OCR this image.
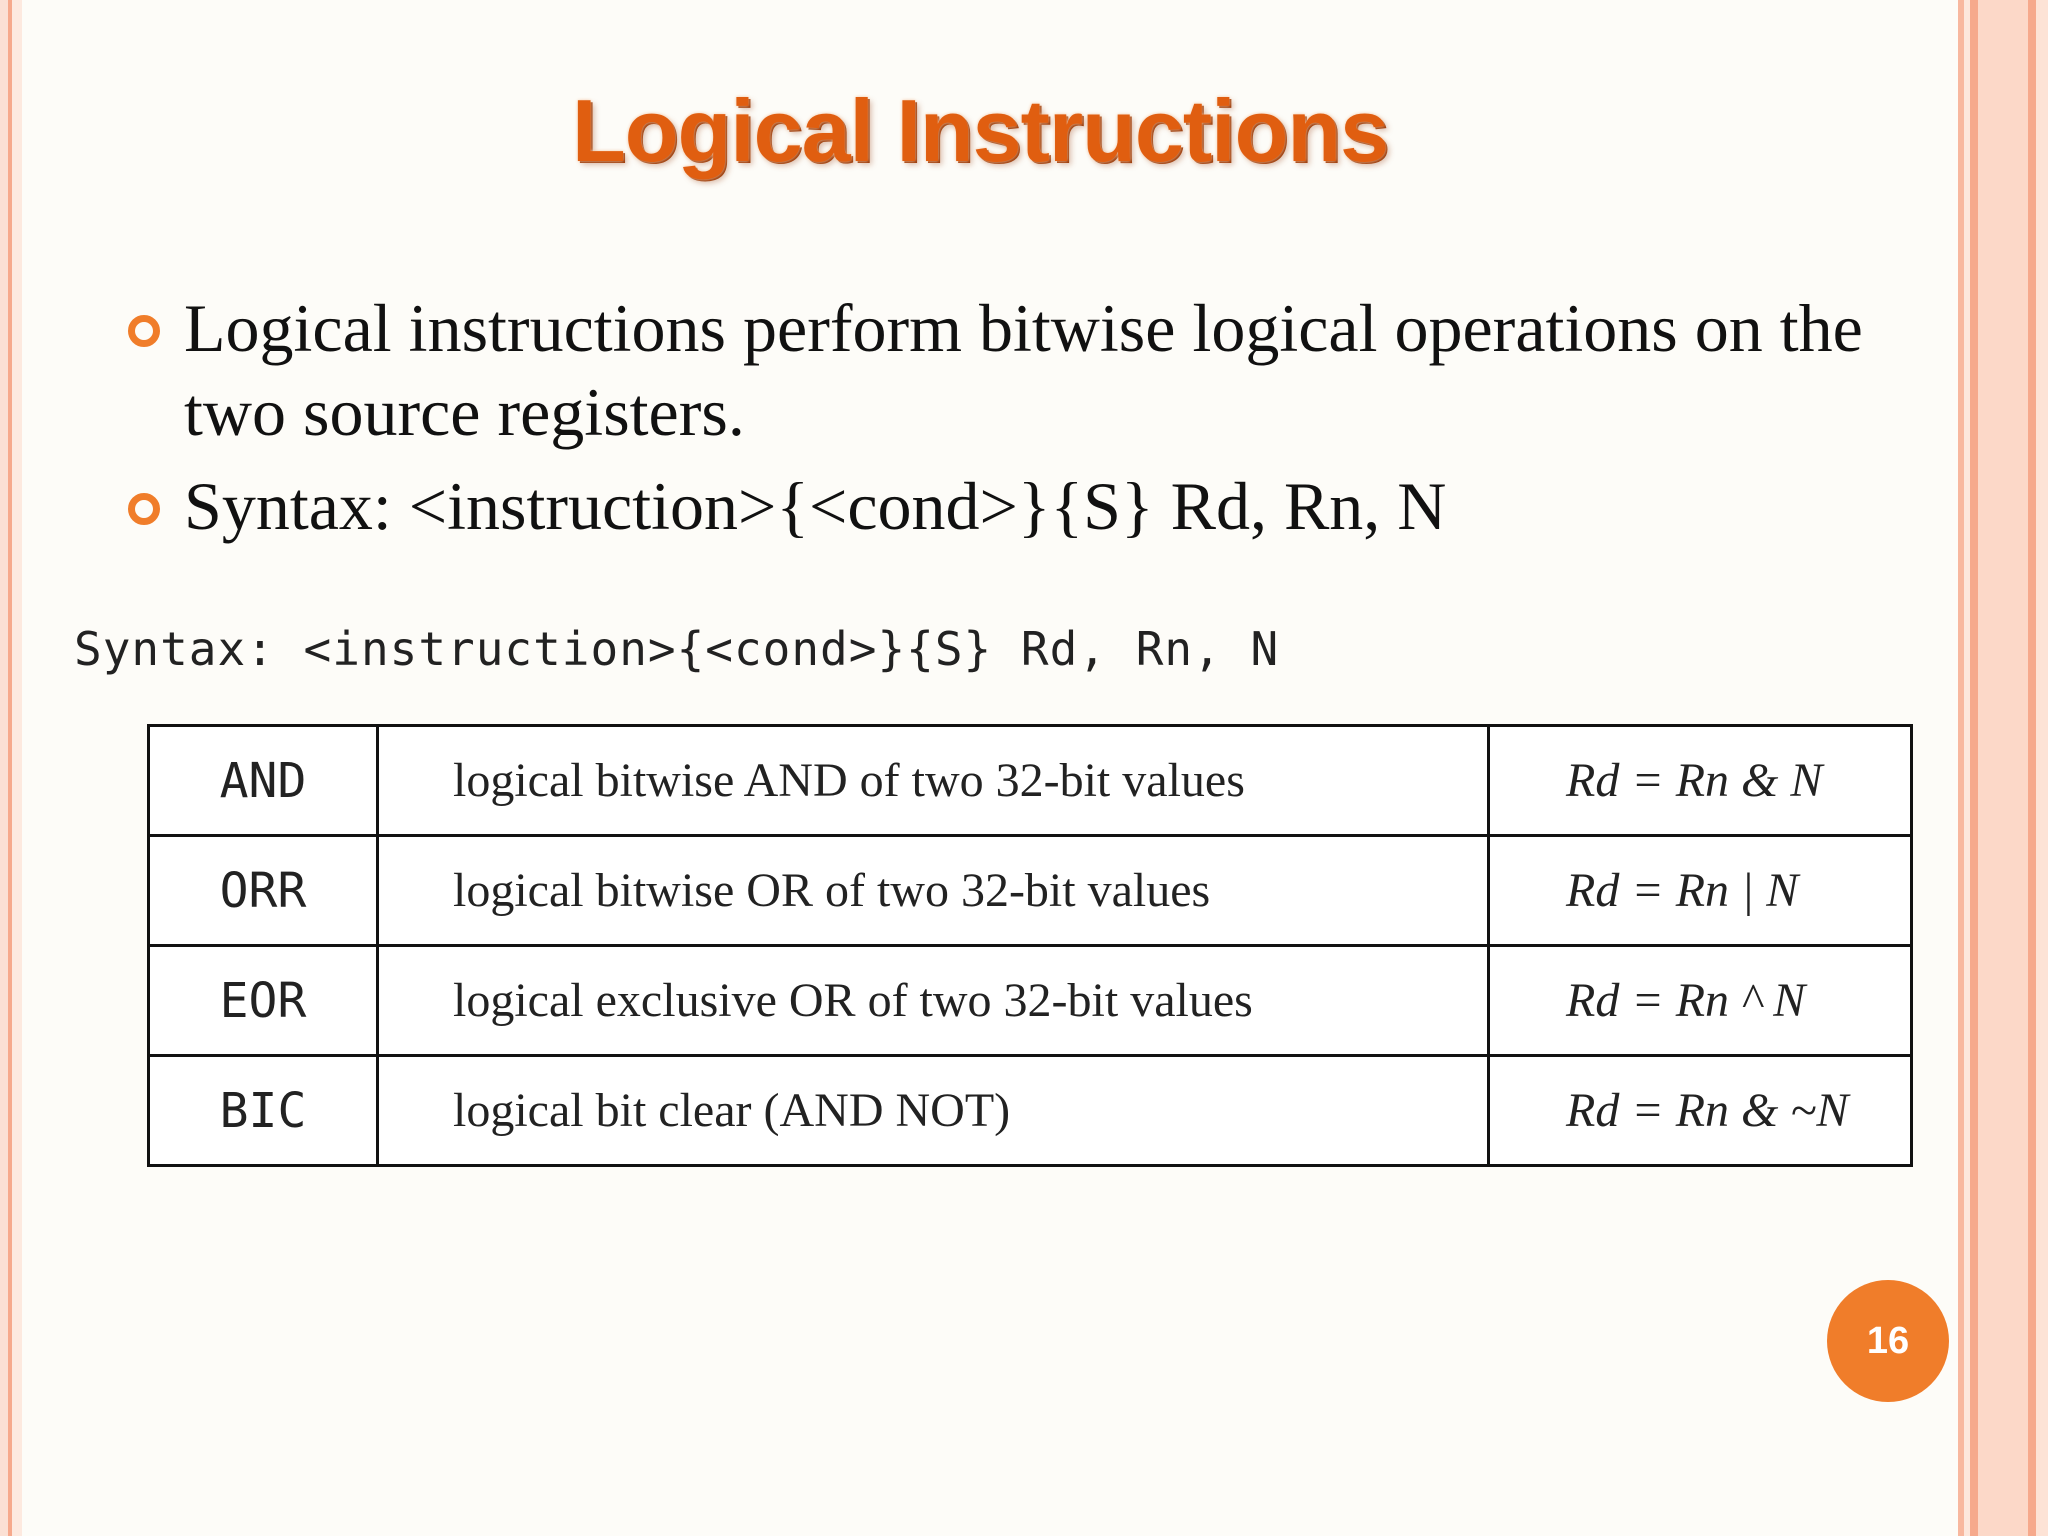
Logical Instructions
Logical instructions perform bitwise logical operations on the two source registers.
Syntax: <instruction>{<cond>}{S} Rd, Rn, N
Syntax: <instruction>{<cond>}{S} Rd, Rn, N
AND	logical bitwise AND of two 32-bit values	Rd = Rn & N
ORR	logical bitwise OR of two 32-bit values	Rd = Rn | N
EOR	logical exclusive OR of two 32-bit values	Rd = Rn ^ N
BIC	logical bit clear (AND NOT)	Rd = Rn & ~N
16
